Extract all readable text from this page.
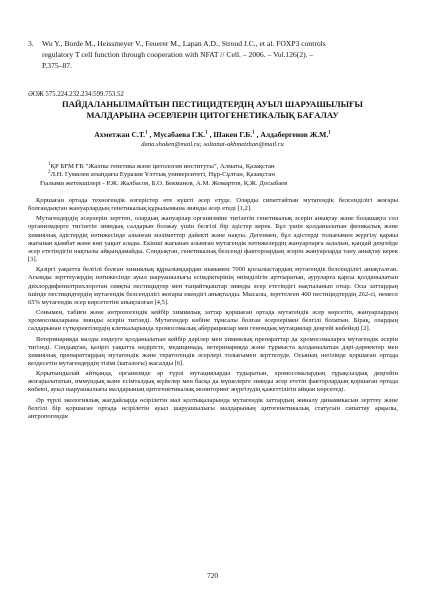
3. Wu Y., Borde M., Heissmeyer V., Feuerer M., Lapan A.D., Stroud J.C., et al. FOXP3 controls
regulatory T cell function through cooperation with NFAT // Cell. – 2006. – Vol.126(2). –
P.375–87.
ӘОЖ 575.224.232.234:599.753.52
ПАЙДАЛАНЫЛМАЙТЫН ПЕСТИЦИДТЕРДІҢ АУЫЛ ШАРУАШЫЛЫҒЫ
МАЛДАРЫНА ӘСЕРЛЕРІН ЦИТОГЕНЕТИКАЛЫҚ БАҒАЛАУ
Ахметжан С.Т.$^1$ , Мусабаева Г.К.$^1$ , Шакен Г.Б.$^1$ , Алдабергенов Ж.М.$^1$
dana.shaken@mail.ru; saltanat-akhmetzhan@mail.ru
$^1$ҚР БҒМ ҒК "Жалпы генетика және цитология институты", Алматы, Қазақстан
$^2$Л.Н. Гумилев атындағы Еуразия Ұлттық университеті, Нұр-Сұлтан, Қазақстан
Ғылыми жетекшілері - Р.Ж. Жалбасов, Б.О. Бекманов, А.М. Жомартов, Қ.Ж. Досыбаев

Қоршаған ортада техногендік өзгерістер өте күшті әсер етуде. Оларды сипаттайтын мутагендік белсенділігі жоғары болғандықтан жануарлардың генетикалық құрылымына зиянды әсер етеді [1,2].

Мутагендердің әсерлерін зерттеп, олардың жануарлар организміне тигізетін генетикалық әсерін анықтау және болашақта сол организмдерге тигізетін зияндық салдарын болжау үшін белгілі бір әдістер керек. Бұл үшін қолданылатын физикалық және химиялық әдістердің нәтижесінде алынған мәліметтер дәйекті және нақты. Дегенмен, бұл әдістерді толығымен жүргізу қаржы жағынан қымбат және көп уақыт алады. Екінші жағынан алынған мутагендік нәтижелердің жануарларға залалын, қандай деңгейде әсер ететіндігін нақтылы айқындамайды. Сондықтан, генетикалық белсенді факторлардың әсерін жануарларда тану анықтау керек [3].

Қазіргі уақытта белгілі болған химиялық құрылымдардан шамамен 7000 қосылыстардың мутагендік белсенділігі анықталған. Ағымды зерттеулердің нәтижесінде ауыл шаруашылығы есімдіктерінің өнімділігін арттыратын, ауруларға қарсы қолданылатын дихлордифенилтрихлорэтан сияқты пестицидтер мен тыңайтқыштар зиянды әсер ететіндігі нақтыланып отыр. Осы заттардың ішінде пестицидтердің мутагендік белсенділігі жоғары екендігі анықталды. Мысалы, зерттелген 400 пестицидтердің 262-сі, немесе 65% мутагендік әсер көрсететіні анықталған [4,5].

Сонымен, табиғи және антропогендік кейбір химиялық заттар қоршаған ортада мутагендік әсер көрсетіп, жануарлардың хромосомаларына зиянды әсерін тигізеді. Мутагендер көбіне тұмсалы болған әсерлерімен белгілі болатын. Бірақ, олардың салдарынан сүтқоректілердің клеткаларында хромосомалық аберрациялар мен геномдық мутациялар деңгейі көбейеді [2].

Ветеринарияда малды емдеуге қолданылатын кейбір дәрілер мен химиялық препараттар да хромосомаларға мутагендік әсерін тигізеді. Сондықтан, қазіргі уақытта өндірісте, медицинада, ветеринарияда және тұрмыста қолданылатын дәрі-дәрмектер мен химиялық препараттардың мутагендік және тератогендік әсерлері толығымен зерттелуде. Осының негізінде қоршаған ортада кездесетін мутагендердің тізімі (каталогы) жасалды [6].

Қорытындылай айтқанда, организмде әр түрлі мутацияларды тудыратын, хромосомалардың тұрақсыздық деңгейін жоғарылататын, иммундық және есімталдық жүйелер мен басқа да мүшелерге зиянды әсер ететін факторлардың қоршаған ортада көбеюі, ауыл шаруашылығы малдарының цитогенетикалық мониторинг жүргізудің қажеттілігін айқын көрсетеді.

Әр түрлі экологиялық жағдайларда өсірілетін мал қолтықаларында мутагендік заттардың жиналу динамикасын зерттеу және белгілі бір қоршаған ортада өсірілетін ауыл шаруашылығы малдарының цитогенетикалық статусын сипаттау арқылы, антропогендік

720
